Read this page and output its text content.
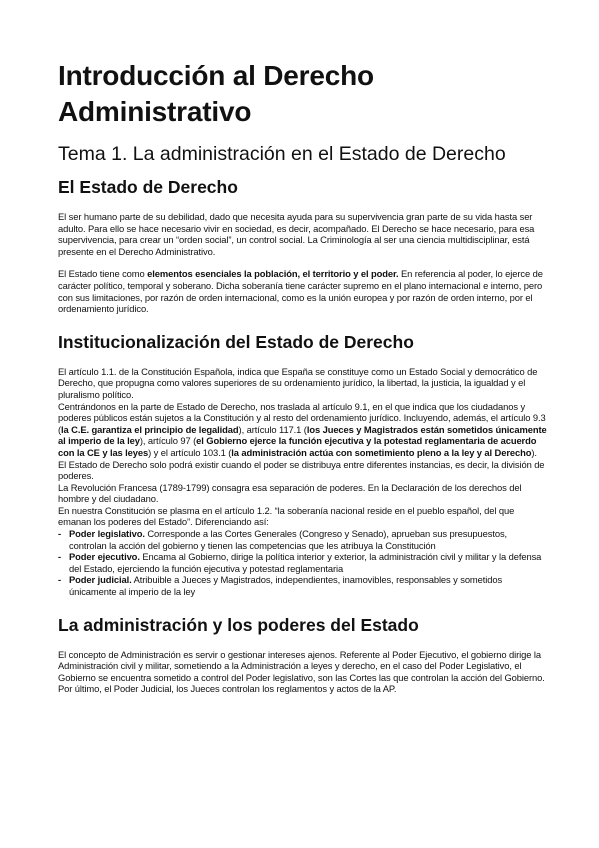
Introducción al Derecho Administrativo
Tema 1. La administración en el Estado de Derecho
El Estado de Derecho

El ser humano parte de su debilidad, dado que necesita ayuda para su supervivencia gran parte de su vida hasta ser adulto. Para ello se hace necesario vivir en sociedad, es decir, acompañado. El Derecho se hace necesario, para esa supervivencia, para crear un “orden social”, un control social. La Criminología al ser una ciencia multidisciplinar, está presente en el Derecho Administrativo.

El Estado tiene como elementos esenciales la población, el territorio y el poder. En referencia al poder, lo ejerce de carácter político, temporal y soberano. Dicha soberanía tiene carácter supremo en el plano internacional e interno, pero con sus limitaciones, por razón de orden internacional, como es la unión europea y por razón de orden interno, por el ordenamiento jurídico.

Institucionalización del Estado de Derecho

El artículo 1.1. de la Constitución Española, indica que España se constituye como un Estado Social y democrático de Derecho, que propugna como valores superiores de su ordenamiento jurídico, la libertad, la justicia, la igualdad y el pluralismo político.

Centrándonos en la parte de Estado de Derecho, nos traslada al artículo 9.1, en el que indica que los ciudadanos y poderes públicos están sujetos a la Constitución y al resto del ordenamiento jurídico. Incluyendo, además, el artículo 9.3 (la C.E. garantiza el principio de legalidad), artículo 117.1 (los Jueces y Magistrados están sometidos únicamente al imperio de la ley), artículo 97 (el Gobierno ejerce la función ejecutiva y la potestad reglamentaria de acuerdo con la CE y las leyes) y el artículo 103.1 (la administración actúa con sometimiento pleno a la ley y al Derecho).

El Estado de Derecho solo podrá existir cuando el poder se distribuya entre diferentes instancias, es decir, la división de poderes.

La Revolución Francesa (1789-1799) consagra esa separación de poderes. En la Declaración de los derechos del hombre y del ciudadano.

En nuestra Constitución se plasma en el artículo 1.2. “la soberanía nacional reside en el pueblo español, del que emanan los poderes del Estado”. Diferenciando así:

- Poder legislativo. Corresponde a las Cortes Generales (Congreso y Senado), aprueban sus presupuestos, controlan la acción del gobierno y tienen las competencias que les atribuya la Constitución
- Poder ejecutivo. Encama al Gobierno, dirige la política interior y exterior, la administración civil y militar y la defensa del Estado, ejerciendo la función ejecutiva y potestad reglamentaria
- Poder judicial. Atribuible a Jueces y Magistrados, independientes, inamovibles, responsables y sometidos únicamente al imperio de la ley
La administración y los poderes del Estado

El concepto de Administración es servir o gestionar intereses ajenos. Referente al Poder Ejecutivo, el gobierno dirige la Administración civil y militar, sometiendo a la Administración a leyes y derecho, en el caso del Poder Legislativo, el Gobierno se encuentra sometido a control del Poder legislativo, son las Cortes las que controlan la acción del Gobierno. Por último, el Poder Judicial, los Jueces controlan los reglamentos y actos de la AP.
